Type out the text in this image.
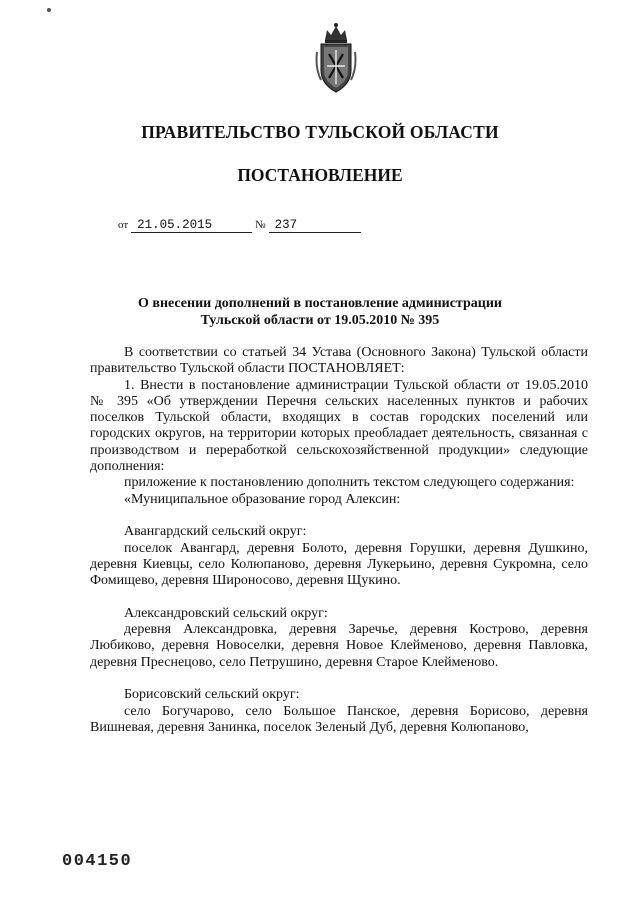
ПРАВИТЕЛЬСТВО ТУЛЬСКОЙ ОБЛАСТИ
ПОСТАНОВЛЕНИЕ
от 21.05.2015	№ 237
О внесении дополнений в постановление администрации
Тульской области от 19.05.2010 № 395

В соответствии со статьей 34 Устава (Основного Закона) Тульской области правительство Тульской области ПОСТАНОВЛЯЕТ:

1. Внести в постановление администрации Тульской области от 19.05.2010 № 395 «Об утверждении Перечня сельских населенных пунктов и рабочих поселков Тульской области, входящих в состав городских поселений или городских округов, на территории которых преобладает деятельность, связанная с производством и переработкой сельскохозяйственной продукции» следующие дополнения:

приложение к постановлению дополнить текстом следующего содержания:

«Муниципальное образование город Алексин:

Авангардский сельский округ:

поселок Авангард, деревня Болото, деревня Горушки, деревня Душкино, деревня Киевцы, село Колюпаново, деревня Лукерьино, деревня Сукромна, село Фомищево, деревня Широносово, деревня Щукино.

Александровский сельский округ:

деревня Александровка, деревня Заречье, деревня Кострово, деревня Любиково, деревня Новоселки, деревня Новое Клейменово, деревня Павловка, деревня Преснецово, село Петрушино, деревня Старое Клейменово.

Борисовский сельский округ:

село Богучарово, село Большое Панское, деревня Борисово, деревня Вишневая, деревня Занинка, поселок Зеленый Дуб, деревня Колюпаново,

004150
